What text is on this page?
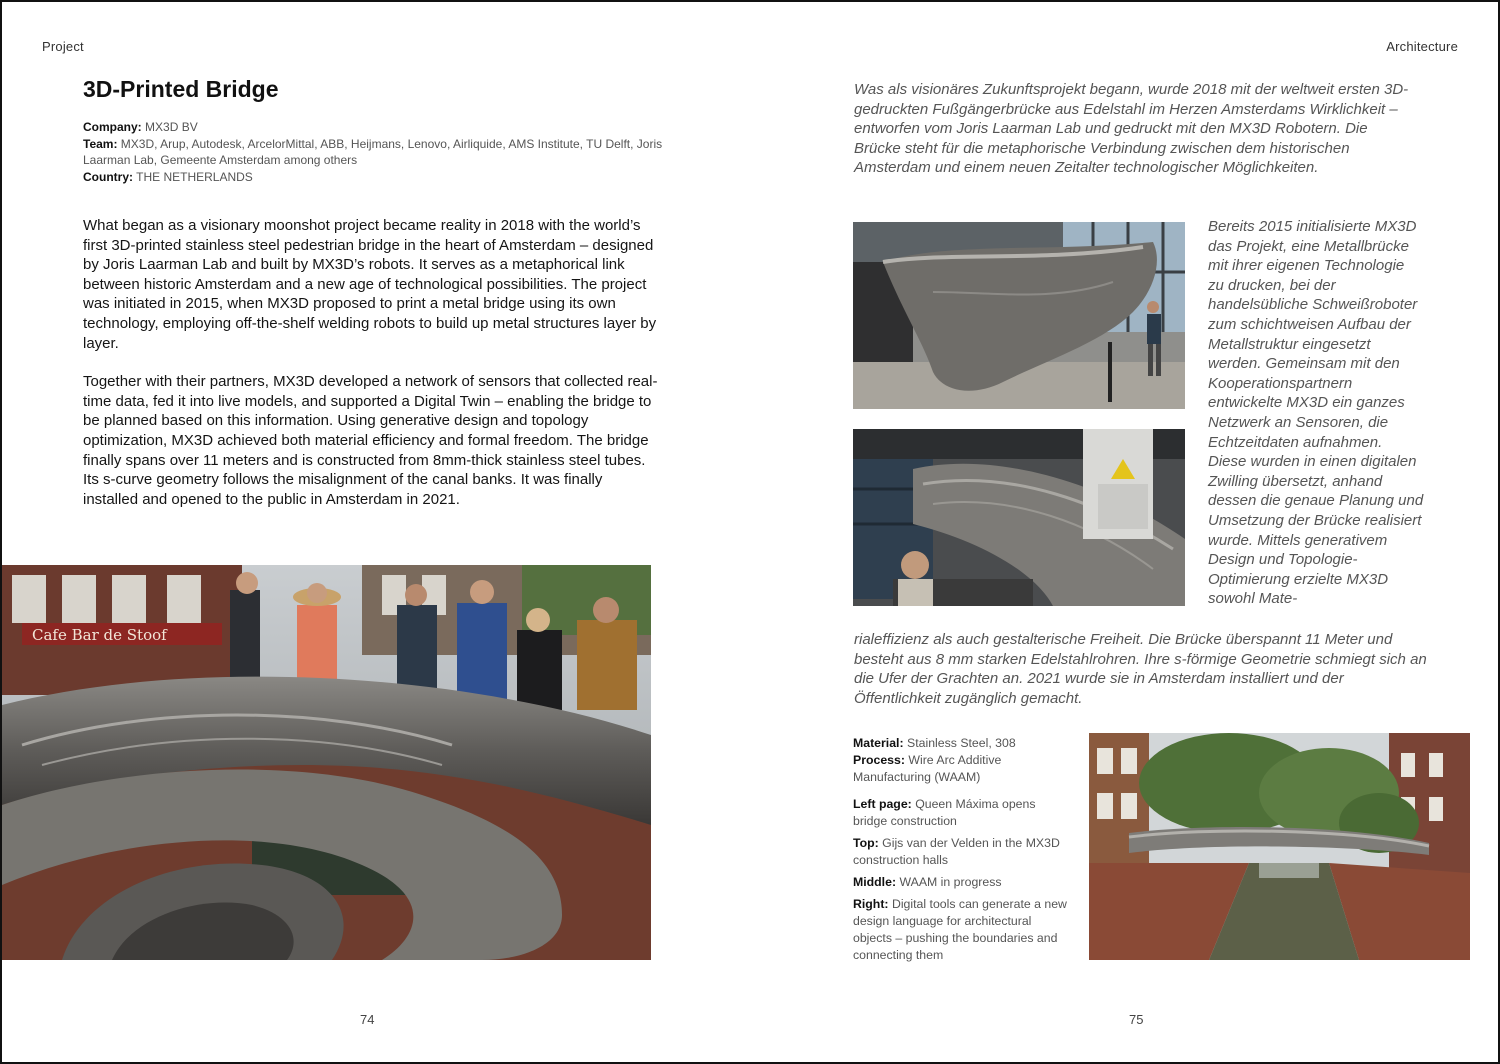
Project	Architecture
3D-Printed Bridge
Company: MX3D BV
Team: MX3D, Arup, Autodesk, ArcelorMittal, ABB, Heijmans, Lenovo, Airliquide, AMS Institute, TU Delft, Joris Laarman Lab, Gemeente Amsterdam among others
Country: THE NETHERLANDS

What began as a visionary moonshot project became reality in 2018 with the world’s first 3D-printed stainless steel pedestrian bridge in the heart of Amsterdam – designed by Joris Laarman Lab and built by MX3D’s robots. It serves as a metaphorical link between historic Amsterdam and a new age of technological possibilities. The project was initiated in 2015, when MX3D proposed to print a metal bridge using its own technology, employing off-the-shelf welding robots to build up metal structures layer by layer.

Together with their partners, MX3D developed a network of sensors that collected real-time data, fed it into live models, and supported a Digital Twin – enabling the bridge to be planned based on this information. Using generative design and topology optimization, MX3D achieved both material efficiency and formal freedom. The bridge finally spans over 11 meters and is constructed from 8mm-thick stainless steel tubes. Its s-curve geometry follows the misalignment of the canal banks. It was finally installed and opened to the public in Amsterdam in 2021.

Cafe Bar de Stoof
Was als visionäres Zukunftsprojekt begann, wurde 2018 mit der weltweit ersten 3D-gedruckten Fußgängerbrücke aus Edelstahl im Herzen Amsterdams Wirklichkeit – entworfen vom Joris Laarman Lab und gedruckt mit den MX3D Robotern. Die Brücke steht für die metaphorische Verbindung zwischen dem historischen Amsterdam und einem neuen Zeitalter technologischer Möglichkeiten.
Bereits 2015 initialisierte MX3D das Projekt, eine Metallbrücke mit ihrer eigenen Technologie zu drucken, bei der handelsübliche Schweißroboter zum schichtweisen Aufbau der Metallstruktur eingesetzt werden. Gemeinsam mit den Kooperationspartnern entwickelte MX3D ein ganzes Netzwerk an Sensoren, die Echtzeitdaten aufnahmen. Diese wurden in einen digitalen Zwilling übersetzt, anhand dessen die genaue Planung und Umsetzung der Brücke realisiert wurde. Mittels generativem Design und Topologie-Optimierung erzielte MX3D sowohl Mate-
rialeffizienz als auch gestalterische Freiheit. Die Brücke überspannt 11 Meter und besteht aus 8 mm starken Edelstahlrohren. Ihre s-förmige Geometrie schmiegt sich an die Ufer der Grachten an. 2021 wurde sie in Amsterdam installiert und der Öffentlichkeit zugänglich gemacht.
Material: Stainless Steel, 308
Process: Wire Arc Additive Manufacturing (WAAM)
Left page: Queen Máxima opens bridge construction
Top: Gijs van der Velden in the MX3D construction halls
Middle: WAAM in progress
Right: Digital tools can generate a new design language for architectural objects – pushing the boundaries and connecting them
74	75
